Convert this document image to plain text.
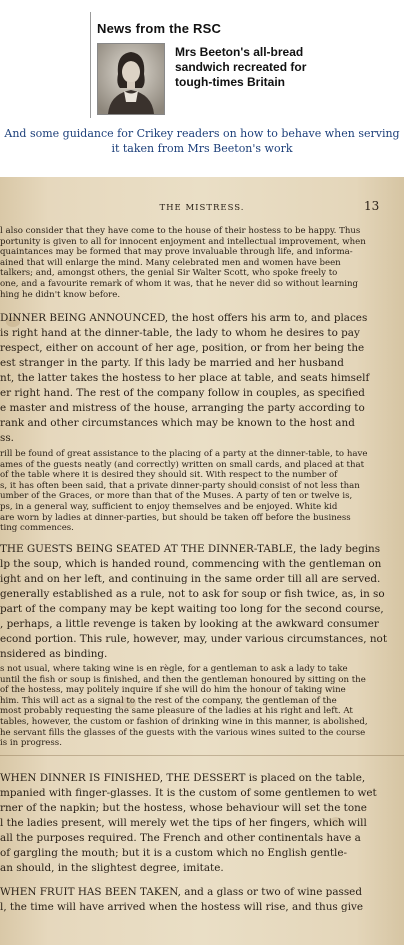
News from the RSC
Mrs Beeton's all-bread sandwich recreated for tough-times Britain
And some guidance for Crikey readers on how to behave when serving it taken from Mrs Beeton's work
THE MISTRESS.	13
l also consider that they have come to the house of their hostess to be happy. Thus
portunity is given to all for innocent enjoyment and intellectual improvement, when
quaintances may be formed that may prove invaluable through life, and informa-
ained that will enlarge the mind. Many celebrated men and women have been
talkers; and, amongst others, the genial Sir Walter Scott, who spoke freely to
one, and a favourite remark of whom it was, that he never did so without learning
hing he didn't know before.
DINNER BEING ANNOUNCED, the host offers his arm to, and places
is right hand at the dinner-table, the lady to whom he desires to pay
respect, either on account of her age, position, or from her being the
est stranger in the party. If this lady be married and her husband
nt, the latter takes the hostess to her place at table, and seats himself
er right hand. The rest of the company follow in couples, as specified
e master and mistress of the house, arranging the party according to
rank and other circumstances which may be known to the host and
ss.
rill be found of great assistance to the placing of a party at the dinner-table, to have
ames of the guests neatly (and correctly) written on small cards, and placed at that
of the table where it is desired they should sit. With respect to the number of
s, it has often been said, that a private dinner-party should consist of not less than
umber of the Graces, or more than that of the Muses. A party of ten or twelve is,
ps, in a general way, sufficient to enjoy themselves and be enjoyed. White kid
are worn by ladies at dinner-parties, but should be taken off before the business
ting commences.
THE GUESTS BEING SEATED AT THE DINNER-TABLE, the lady begins
lp the soup, which is handed round, commencing with the gentleman on
ight and on her left, and continuing in the same order till all are served.
generally established as a rule, not to ask for soup or fish twice, as, in so
part of the company may be kept waiting too long for the second course,
, perhaps, a little revenge is taken by looking at the awkward consumer
econd portion. This rule, however, may, under various circumstances, not
nsidered as binding.
s not usual, where taking wine is en règle, for a gentleman to ask a lady to take
until the fish or soup is finished, and then the gentleman honoured by sitting on the
of the hostess, may politely inquire if she will do him the honour of taking wine
him. This will act as a signal to the rest of the company, the gentleman of the
most probably requesting the same pleasure of the ladies at his right and left. At
tables, however, the custom or fashion of drinking wine in this manner, is abolished,
he servant fills the glasses of the guests with the various wines suited to the course
is in progress.
WHEN DINNER IS FINISHED, THE DESSERT is placed on the table,
mpanied with finger-glasses. It is the custom of some gentlemen to wet
rner of the napkin; but the hostess, whose behaviour will set the tone
l the ladies present, will merely wet the tips of her fingers, which will
all the purposes required. The French and other continentals have a
of gargling the mouth; but it is a custom which no English gentle-
an should, in the slightest degree, imitate.
WHEN FRUIT HAS BEEN TAKEN, and a glass or two of wine passed
l, the time will have arrived when the hostess will rise, and thus give
